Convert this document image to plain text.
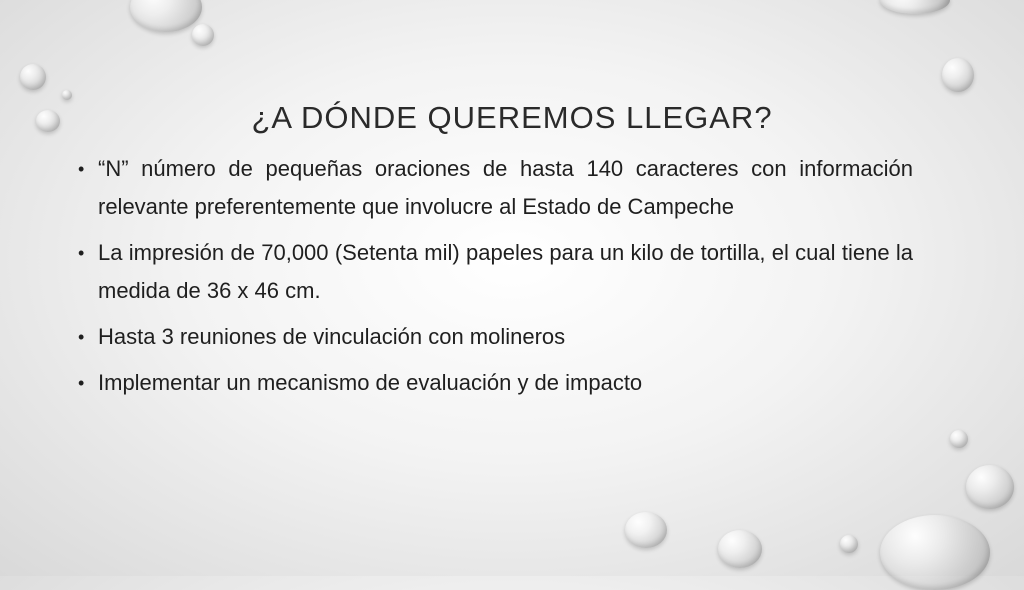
¿A DÓNDE QUEREMOS LLEGAR?
• “N” número de pequeñas oraciones de hasta 140 caracteres con información relevante preferentemente que involucre al Estado de Campeche
• La impresión de 70,000 (Setenta mil) papeles para un kilo de tortilla, el cual tiene la medida de 36 x 46 cm.
• Hasta 3 reuniones de vinculación con molineros
• Implementar un mecanismo de evaluación y de impacto
